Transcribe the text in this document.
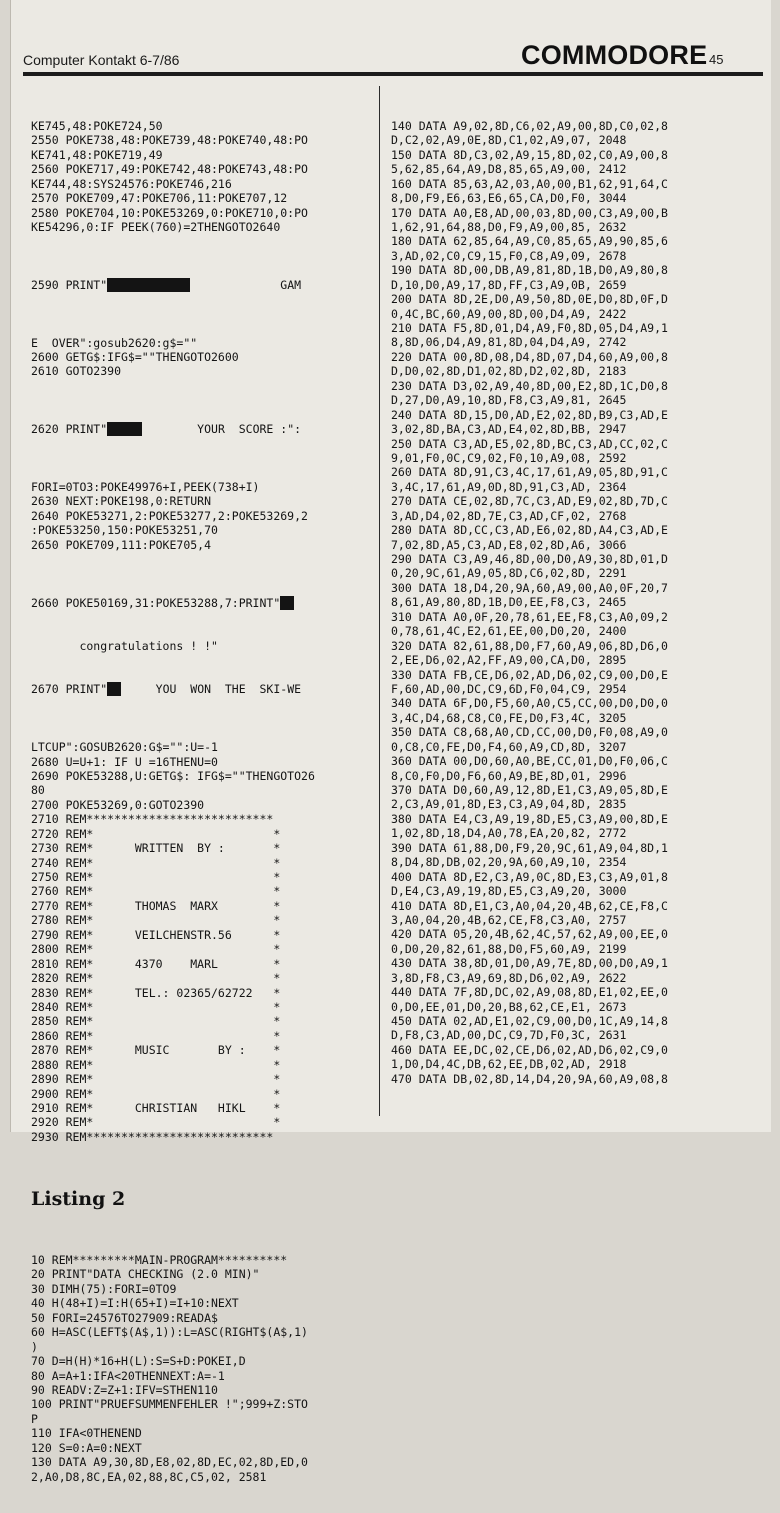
Computer Kontakt 6-7/86	COMMODORE 45

KE745,48:POKE724,50
2550 POKE738,48:POKE739,48:POKE740,48:PO
KE741,48:POKE719,49
2560 POKE717,49:POKE742,48:POKE743,48:PO
KE744,48:SYS24576:POKE746,216
2570 POKE709,47:POKE706,11:POKE707,12
2580 POKE704,10:POKE53269,0:POKE710,0:PO
KE54296,0:IF PEEK(760)=2THENGOTO2640

2590 PRINT"	GAM

E  OVER":gosub2620:g$=""
2600 GETG$:IFG$=""THENGOTO2600
2610 GOTO2390

2620 PRINT"	YOUR  SCORE :":

FORI=0TO3:POKE49976+I,PEEK(738+I)
2630 NEXT:POKE198,0:RETURN
2640 POKE53271,2:POKE53277,2:POKE53269,2
:POKE53250,150:POKE53251,70
2650 POKE709,111:POKE705,4

2660 POKE50169,31:POKE53288,7:PRINT"

congratulations ! !"

2670 PRINT"       YOU  WON  THE  SKI-WE

LTCUP":GOSUB2620:G$="":U=-1
2680 U=U+1: IF U =16THENU=0
2690 POKE53288,U:GETG$: IFG$=""THENGOTO26
80
2700 POKE53269,0:GOTO2390
2710 REM***************************
2720 REM*                          *
2730 REM*      WRITTEN  BY :       *
2740 REM*                          *
2750 REM*                          *
2760 REM*                          *
2770 REM*      THOMAS  MARX        *
2780 REM*                          *
2790 REM*      VEILCHENSTR.56      *
2800 REM*                          *
2810 REM*      4370    MARL        *
2820 REM*                          *
2830 REM*      TEL.: 02365/62722   *
2840 REM*                          *
2850 REM*                          *
2860 REM*                          *
2870 REM*      MUSIC       BY :    *
2880 REM*                          *
2890 REM*                          *
2900 REM*                          *
2910 REM*      CHRISTIAN   HIKL    *
2920 REM*                          *
2930 REM***************************

Listing 2

10 REM*********MAIN-PROGRAM**********
20 PRINT"DATA CHECKING (2.0 MIN)"
30 DIMH(75):FORI=0TO9
40 H(48+I)=I:H(65+I)=I+10:NEXT
50 FORI=24576TO27909:READA$
60 H=ASC(LEFT$(A$,1)):L=ASC(RIGHT$(A$,1)
)
70 D=H(H)*16+H(L):S=S+D:POKEI,D
80 A=A+1:IFA<20THENNEXT:A=-1
90 READV:Z=Z+1:IFV=STHEN110
100 PRINT"PRUEFSUMMENFEHLER !";999+Z:STO
P
110 IFA<0THENEND
120 S=0:A=0:NEXT
130 DATA A9,30,8D,E8,02,8D,EC,02,8D,ED,0
2,A0,D8,8C,EA,02,88,8C,C5,02, 2581

140 DATA A9,02,8D,C6,02,A9,00,8D,C0,02,8
D,C2,02,A9,0E,8D,C1,02,A9,07, 2048
150 DATA 8D,C3,02,A9,15,8D,02,C0,A9,00,8
5,62,85,64,A9,D8,85,65,A9,00, 2412
160 DATA 85,63,A2,03,A0,00,B1,62,91,64,C
8,D0,F9,E6,63,E6,65,CA,D0,F0, 3044
170 DATA A0,E8,AD,00,03,8D,00,C3,A9,00,B
1,62,91,64,88,D0,F9,A9,00,85, 2632
180 DATA 62,85,64,A9,C0,85,65,A9,90,85,6
3,AD,02,C0,C9,15,F0,C8,A9,09, 2678
190 DATA 8D,00,DB,A9,81,8D,1B,D0,A9,80,8
D,10,D0,A9,17,8D,FF,C3,A9,0B, 2659
200 DATA 8D,2E,D0,A9,50,8D,0E,D0,8D,0F,D
0,4C,BC,60,A9,00,8D,00,D4,A9, 2422
210 DATA F5,8D,01,D4,A9,F0,8D,05,D4,A9,1
8,8D,06,D4,A9,81,8D,04,D4,A9, 2742
220 DATA 00,8D,08,D4,8D,07,D4,60,A9,00,8
D,D0,02,8D,D1,02,8D,D2,02,8D, 2183
230 DATA D3,02,A9,40,8D,00,E2,8D,1C,D0,8
D,27,D0,A9,10,8D,F8,C3,A9,81, 2645
240 DATA 8D,15,D0,AD,E2,02,8D,B9,C3,AD,E
3,02,8D,BA,C3,AD,E4,02,8D,BB, 2947
250 DATA C3,AD,E5,02,8D,BC,C3,AD,CC,02,C
9,01,F0,0C,C9,02,F0,10,A9,08, 2592
260 DATA 8D,91,C3,4C,17,61,A9,05,8D,91,C
3,4C,17,61,A9,0D,8D,91,C3,AD, 2364
270 DATA CE,02,8D,7C,C3,AD,E9,02,8D,7D,C
3,AD,D4,02,8D,7E,C3,AD,CF,02, 2768
280 DATA 8D,CC,C3,AD,E6,02,8D,A4,C3,AD,E
7,02,8D,A5,C3,AD,E8,02,8D,A6, 3066
290 DATA C3,A9,46,8D,00,D0,A9,30,8D,01,D
0,20,9C,61,A9,05,8D,C6,02,8D, 2291
300 DATA 18,D4,20,9A,60,A9,00,A0,0F,20,7
8,61,A9,80,8D,1B,D0,EE,F8,C3, 2465
310 DATA A0,0F,20,78,61,EE,F8,C3,A0,09,2
0,78,61,4C,E2,61,EE,00,D0,20, 2400
320 DATA 82,61,88,D0,F7,60,A9,06,8D,D6,0
2,EE,D6,02,A2,FF,A9,00,CA,D0, 2895
330 DATA FB,CE,D6,02,AD,D6,02,C9,00,D0,E
F,60,AD,00,DC,C9,6D,F0,04,C9, 2954
340 DATA 6F,D0,F5,60,A0,C5,CC,00,D0,D0,0
3,4C,D4,68,C8,C0,FE,D0,F3,4C, 3205
350 DATA C8,68,A0,CD,CC,00,D0,F0,08,A9,0
0,C8,C0,FE,D0,F4,60,A9,CD,8D, 3207
360 DATA 00,D0,60,A0,BE,CC,01,D0,F0,06,C
8,C0,F0,D0,F6,60,A9,BE,8D,01, 2996
370 DATA D0,60,A9,12,8D,E1,C3,A9,05,8D,E
2,C3,A9,01,8D,E3,C3,A9,04,8D, 2835
380 DATA E4,C3,A9,19,8D,E5,C3,A9,00,8D,E
1,02,8D,18,D4,A0,78,EA,20,82, 2772
390 DATA 61,88,D0,F9,20,9C,61,A9,04,8D,1
8,D4,8D,DB,02,20,9A,60,A9,10, 2354
400 DATA 8D,E2,C3,A9,0C,8D,E3,C3,A9,01,8
D,E4,C3,A9,19,8D,E5,C3,A9,20, 3000
410 DATA 8D,E1,C3,A0,04,20,4B,62,CE,F8,C
3,A0,04,20,4B,62,CE,F8,C3,A0, 2757
420 DATA 05,20,4B,62,4C,57,62,A9,00,EE,0
0,D0,20,82,61,88,D0,F5,60,A9, 2199
430 DATA 38,8D,01,D0,A9,7E,8D,00,D0,A9,1
3,8D,F8,C3,A9,69,8D,D6,02,A9, 2622
440 DATA 7F,8D,DC,02,A9,08,8D,E1,02,EE,0
0,D0,EE,01,D0,20,B8,62,CE,E1, 2673
450 DATA 02,AD,E1,02,C9,00,D0,1C,A9,14,8
D,F8,C3,AD,00,DC,C9,7D,F0,3C, 2631
460 DATA EE,DC,02,CE,D6,02,AD,D6,02,C9,0
1,D0,D4,4C,DB,62,EE,DB,02,AD, 2918
470 DATA DB,02,8D,14,D4,20,9A,60,A9,08,8
